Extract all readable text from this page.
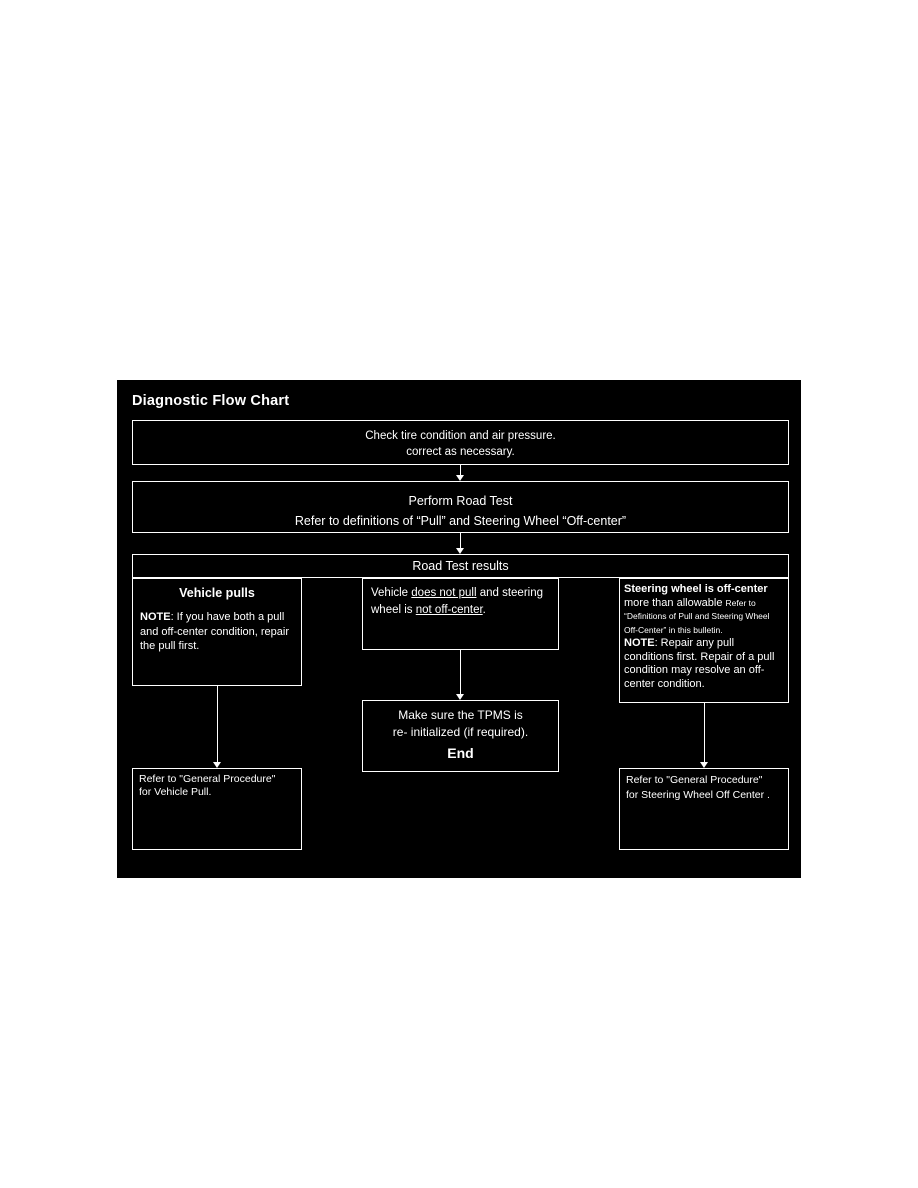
Diagnostic Flow Chart
Check tire condition and air pressure.
correct as necessary.
Perform Road Test
Refer to definitions of “Pull” and Steering Wheel “Off-center”
Road Test results
Vehicle pulls
NOTE: If you have both a pull and off-center condition, repair the pull first.
Vehicle does not pull and steering wheel is not off-center.
Steering wheel is off-center more than allowable Refer to “Definitions of Pull and Steering Wheel Off-Center” in this bulletin.
NOTE: Repair any pull conditions first. Repair of a pull condition may resolve an off-center condition.
Make sure the TPMS is
re- initialized (if required).
End
Refer to "General Procedure"
for Vehicle Pull.
Refer to "General Procedure"
for Steering Wheel Off Center .
